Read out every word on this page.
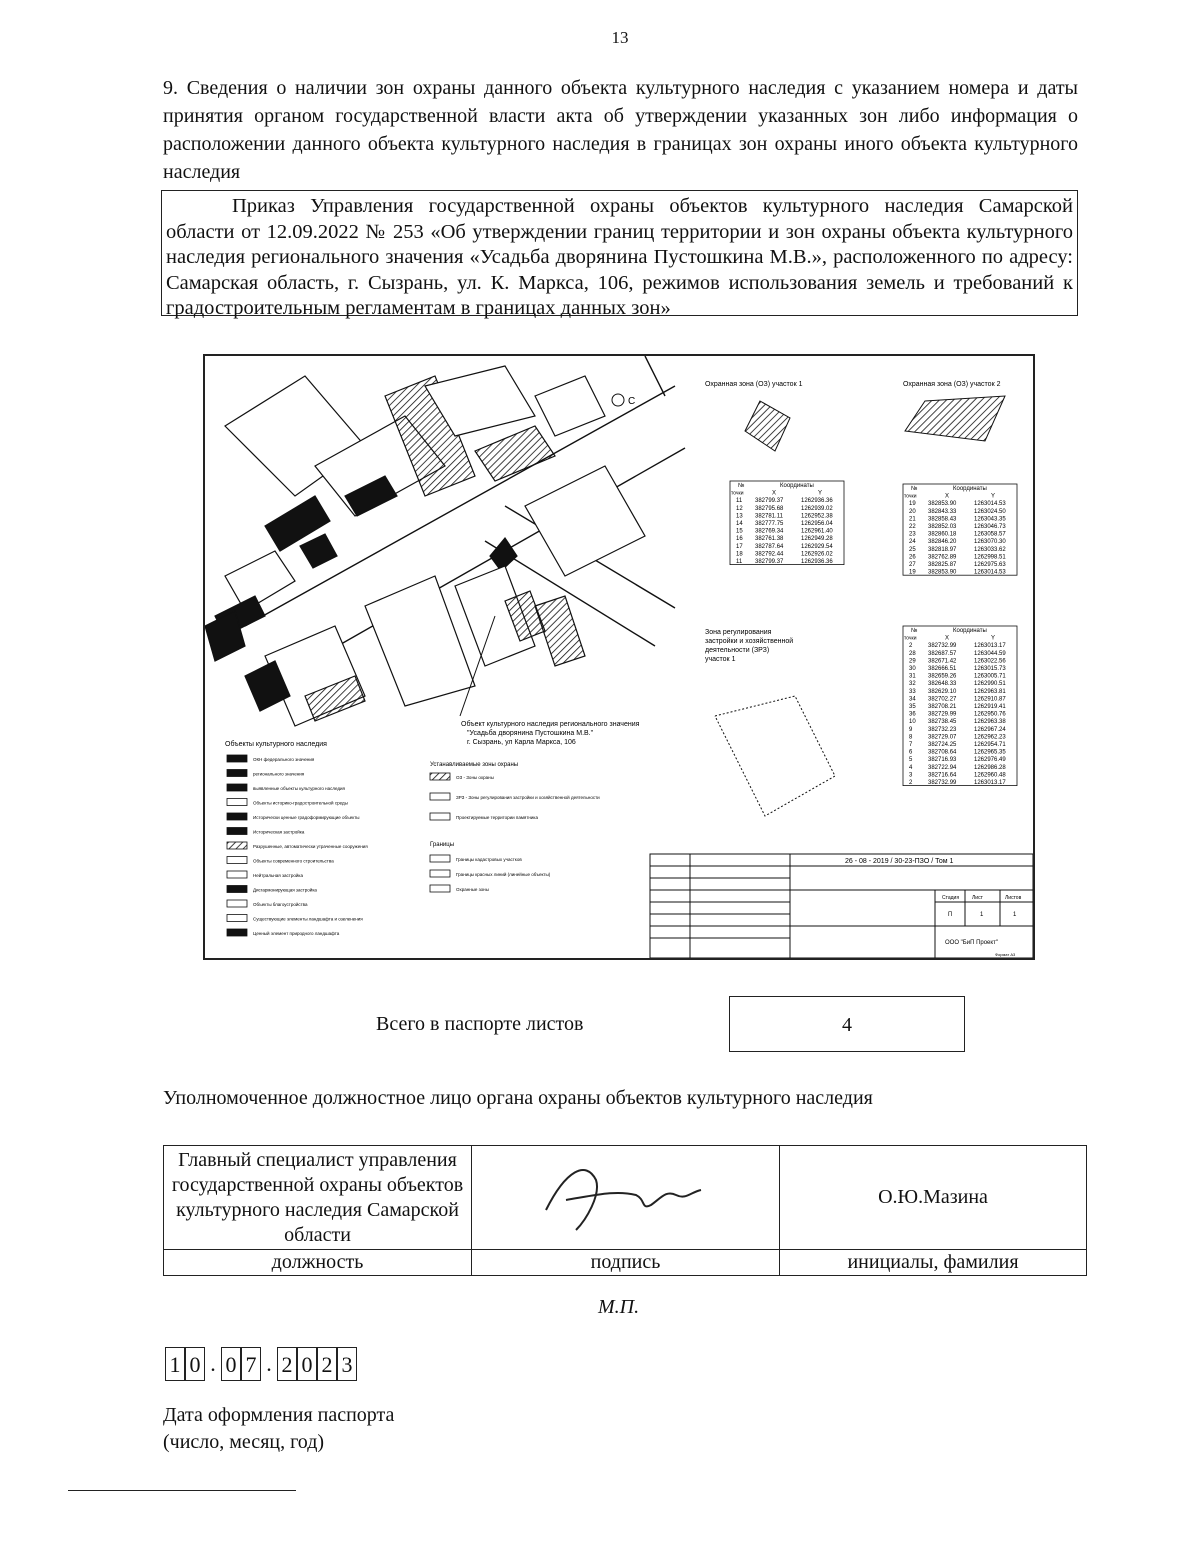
13
9. Сведения о наличии зон охраны данного объекта культурного наследия с указанием номера и даты принятия органом государственной власти акта об утверждении указанных зон либо информация о расположении данного объекта культурного наследия в границах зон охраны иного объекта культурного наследия
Приказ Управления государственной охраны объектов культурного наследия Самарской области от 12.09.2022 № 253 «Об утверждении границ территории и зон охраны объекта культурного наследия регионального значения «Усадьба дворянина Пустошкина М.В.», расположенного по адресу: Самарская область, г. Сызрань, ул. К. Маркса, 106, режимов использования земель и требований к градостроительным регламентам в границах данных зон»
С
Объект культурного наследия регионального значения
"Усадьба дворянина Пустошкина М.В."
г. Сызрань, ул Карла Маркса, 106
Охранная зона (ОЗ) участок 1	Охранная зона (ОЗ) участок 2
Зона регулирования
застройки и хозяйственной
деятельности (ЗРЗ)
участок 1
№	Координаты
точки	X	Y
11 382799.37	1262936.36
12 382795.68	1262939.02
13 382781.11	1262952.38
14 382777.75	1262956.04
15 382769.34	1262961.40
16 382761.38	1262949.28
17 382787.64	1262929.54
18 382792.44	1262926.02
11 382799.37	1262936.36
№	Координаты
точки	X	Y
19 382853.90	1263014.53
20 382843.33	1263024.50
21 382858.43	1263043.35
22 382852.03	1263046.73
23 382860.18	1263058.57
24 382846.20	1263070.30
25 382818.97	1263033.62
26 382762.89	1262998.51
27 382825.87	1262975.63
19 382853.90	1263014.53
№	Координаты
точки	X	Y
2	382732.99	1263013.17
28 382687.57	1263044.59
29 382671.42	1263022.56
30 382666.51	1263015.73
31 382659.26	1263005.71
32 382648.33	1262990.51
33 382629.10	1262963.81
34 382702.27	1262910.87
35 382708.21	1262919.41
36 382729.99	1262950.76
10 382738.45	1262963.38
9	382732.23	1262967.24
8	382729.07	1262962.23
7	382724.25	1262954.71
6	382708.64	1262965.35
5	382716.93	1262976.49
4	382722.94	1262986.28
3	382716.64	1262960.48
2	382732.99	1263013.17
Объекты культурного наследия
ОКН федерального значения
регионального значения
выявленные объекты культурного наследия
Объекты историко-градостроительной среды
Исторически ценные градоформирующие объекты
Историческая застройка
Разрушенные, автоматически утраченные сооружения
Объекты современного строительства
Нейтральная застройка
Дисгармонирующая застройка
Объекты благоустройства
Существующие элементы ландшафта и озеленения
Ценный элемент природного ландшафта
Устанавливаемые зоны охраны
ОЗ - Зоны охраны
ЗРЗ - Зоны регулирования застройки и хозяйственной деятельности
Проектируемые территории памятника
Границы
Границы кадастровых участков
Границы красных линий (линейные объекты)
Охранные зоны
26 - 08 - 2019 / 30-23-ПЗО / Том 1
Стадия	Лист	Листов
П	1	1
ООО "БиП Проект"
Формат А3
Всего в паспорте листов	4
Уполномоченное должностное лицо органа охраны объектов культурного наследия
Главный специалист управления государственной охраны объектов культурного наследия Самарской области	Мазина	О.Ю.Мазина
должность	подпись	инициалы, фамилия
М.П.
1 0 . 0 7 . 2 0 2 3
Дата оформления паспорта
(число, месяц, год)
